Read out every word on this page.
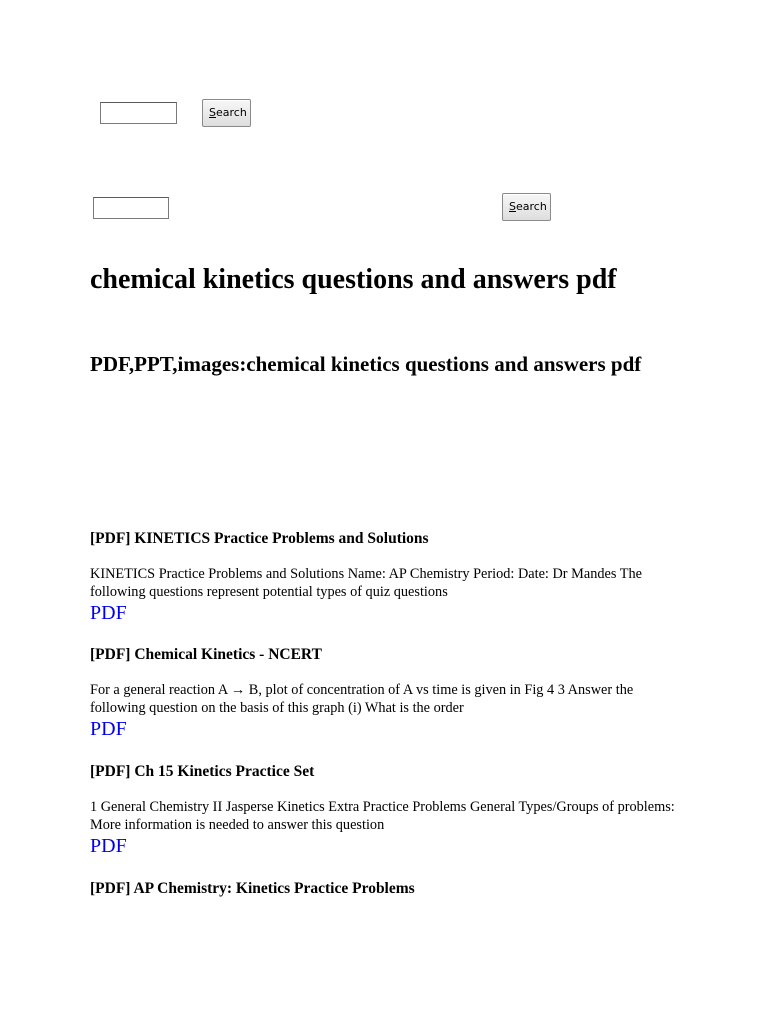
Search
Search
chemical kinetics questions and answers pdf
PDF,PPT,images:chemical kinetics questions and answers pdf
[PDF] KINETICS Practice Problems and Solutions
KINETICS Practice Problems and Solutions Name: AP Chemistry Period: Date: Dr Mandes The following questions represent potential types of quiz questions
PDF
[PDF] Chemical Kinetics - NCERT
For a general reaction A → B, plot of concentration of A vs time is given in Fig 4 3 Answer the following question on the basis of this graph (i) What is the order
PDF
[PDF] Ch 15 Kinetics Practice Set
1 General Chemistry II Jasperse Kinetics Extra Practice Problems General Types/Groups of problems: More information is needed to answer this question
PDF
[PDF] AP Chemistry: Kinetics Practice Problems
